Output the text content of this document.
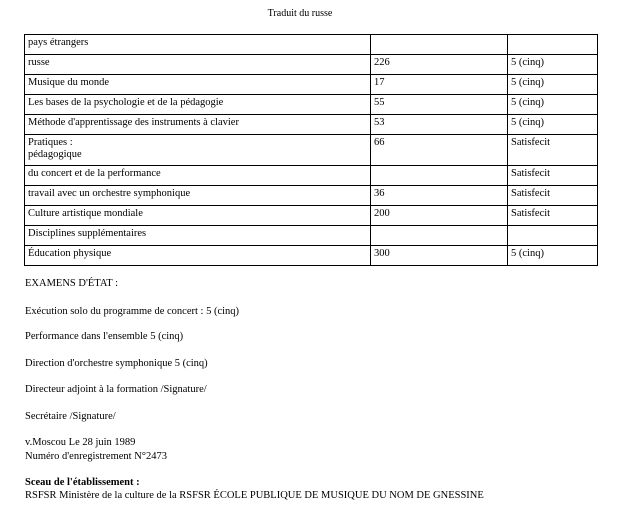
Traduit du russe
pays étrangers		
russe	226	5 (cinq)
Musique du monde	17	5 (cinq)
Les bases de la psychologie et de la pédagogie	55	5 (cinq)
Méthode d'apprentissage des instruments à clavier	53	5 (cinq)
Pratiques :
pédagogique	66	Satisfecit
du concert et de la performance		Satisfecit
travail avec un orchestre symphonique	36	Satisfecit
Culture artistique mondiale	200	Satisfecit
Disciplines supplémentaires		
Éducation physique	300	5 (cinq)
EXAMENS D'ÉTAT :
Exécution solo du programme de concert : 5 (cinq)
Performance dans l'ensemble 5 (cinq)
Direction d'orchestre symphonique 5 (cinq)
Directeur adjoint à la formation /Signature/
Secrétaire /Signature/
v.Moscou Le 28 juin 1989
Numéro d'enregistrement N°2473
Sceau de l'établissement :
RSFSR Ministère de la culture de la RSFSR ÉCOLE PUBLIQUE DE MUSIQUE DU NOM DE GNESSINE
